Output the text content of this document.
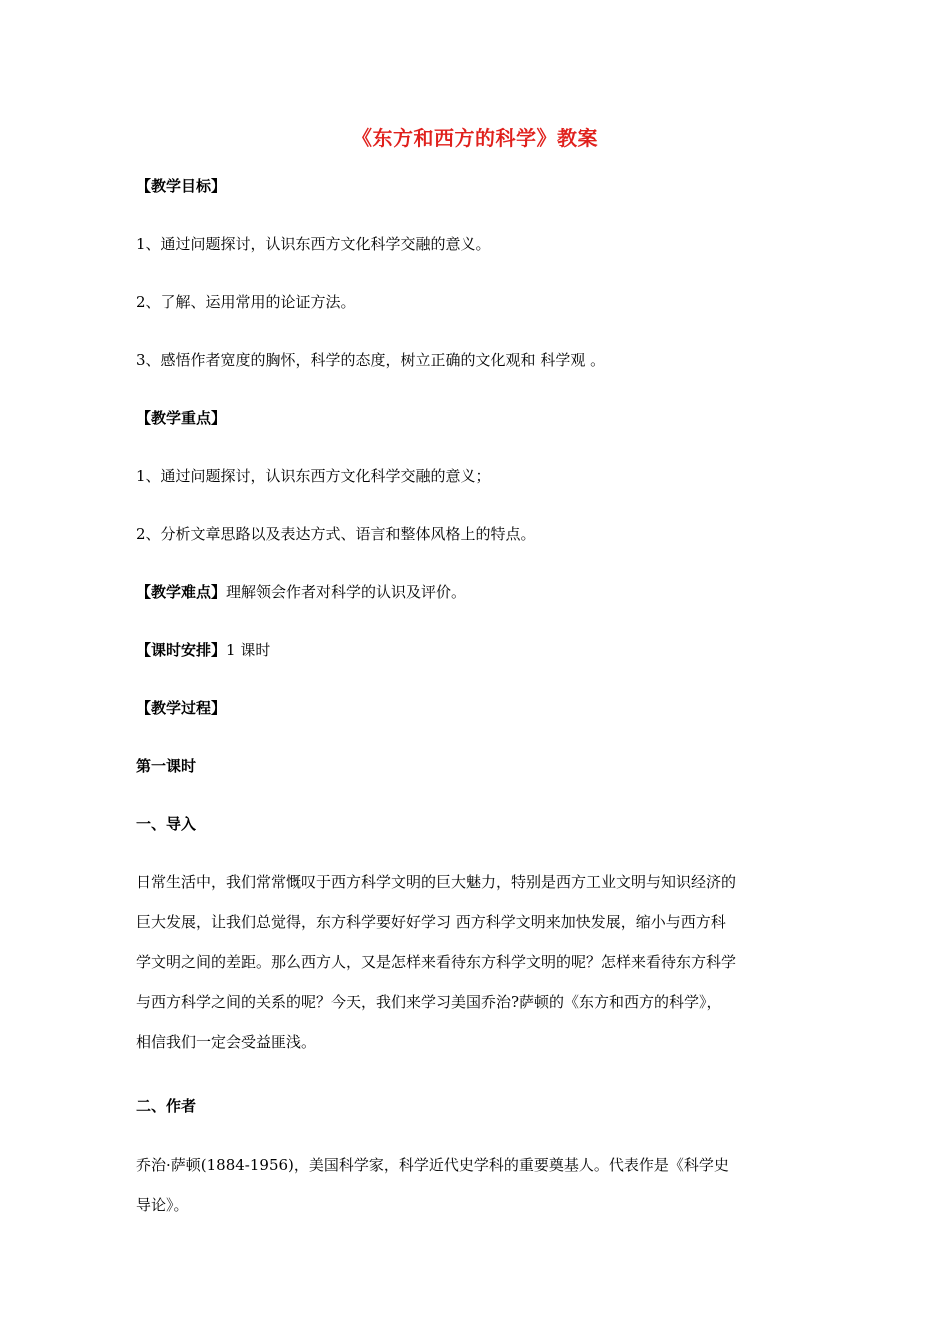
《东方和西方的科学》教案
【教学目标】
1、通过问题探讨，认识东西方文化科学交融的意义。
2、了解、运用常用的论证方法。
3、感悟作者宽度的胸怀，科学的态度，树立正确的文化观和 科学观 。
【教学重点】
1、通过问题探讨，认识东西方文化科学交融的意义；
2、分析文章思路以及表达方式、语言和整体风格上的特点。
【教学难点】理解领会作者对科学的认识及评价。
【课时安排】1 课时
【教学过程】
第一课时
一、导入
日常生活中，我们常常慨叹于西方科学文明的巨大魅力，特别是西方工业文明与知识经济的
巨大发展，让我们总觉得，东方科学要好好学习 西方科学文明来加快发展，缩小与西方科
学文明之间的差距。那么西方人，又是怎样来看待东方科学文明的呢？怎样来看待东方科学
与西方科学之间的关系的呢？今天，我们来学习美国乔治?萨顿的《东方和西方的科学》，
相信我们一定会受益匪浅。
二、作者
乔治·萨顿(1884-1956)，美国科学家，科学近代史学科的重要奠基人。代表作是《科学史
导论》。
